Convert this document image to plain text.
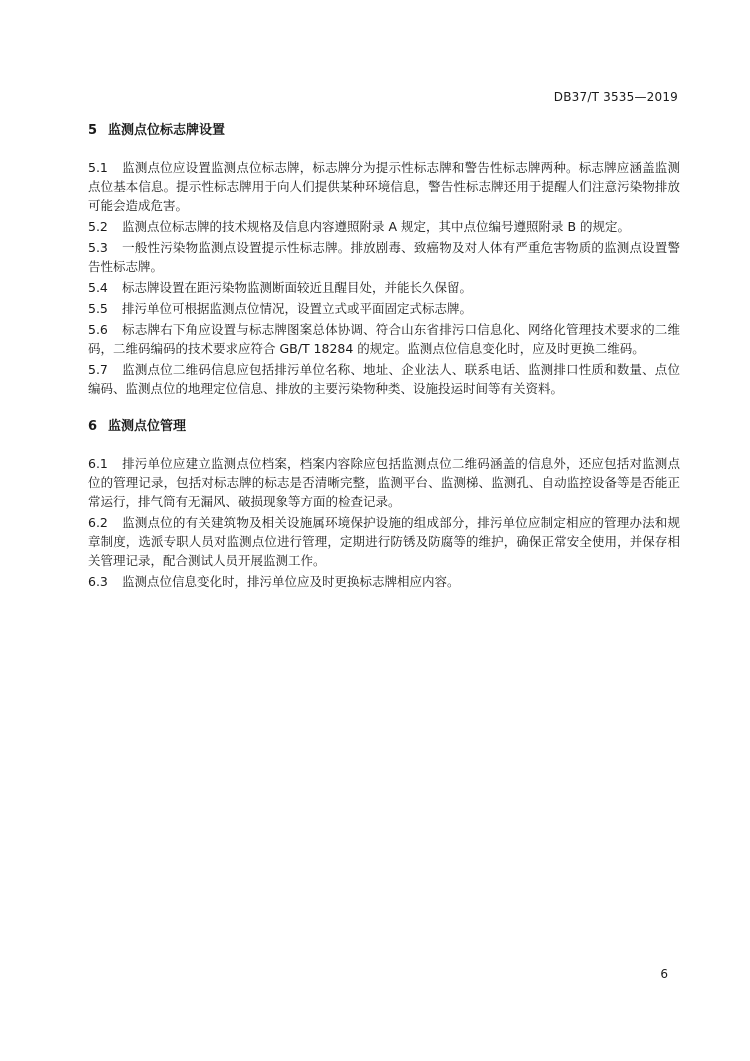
DB37/T 3535—2019
5 监测点位标志牌设置

5.1 监测点位应设置监测点位标志牌，标志牌分为提示性标志牌和警告性标志牌两种。标志牌应涵盖监测点位基本信息。提示性标志牌用于向人们提供某种环境信息，警告性标志牌还用于提醒人们注意污染物排放可能会造成危害。

5.2 监测点位标志牌的技术规格及信息内容遵照附录 A 规定，其中点位编号遵照附录 B 的规定。

5.3 一般性污染物监测点设置提示性标志牌。排放剧毒、致癌物及对人体有严重危害物质的监测点设置警告性标志牌。

5.4 标志牌设置在距污染物监测断面较近且醒目处，并能长久保留。

5.5 排污单位可根据监测点位情况，设置立式或平面固定式标志牌。

5.6 标志牌右下角应设置与标志牌图案总体协调、符合山东省排污口信息化、网络化管理技术要求的二维码，二维码编码的技术要求应符合 GB/T 18284 的规定。监测点位信息变化时，应及时更换二维码。

5.7 监测点位二维码信息应包括排污单位名称、地址、企业法人、联系电话、监测排口性质和数量、点位编码、监测点位的地理定位信息、排放的主要污染物种类、设施投运时间等有关资料。

6 监测点位管理

6.1 排污单位应建立监测点位档案，档案内容除应包括监测点位二维码涵盖的信息外，还应包括对监测点位的管理记录，包括对标志牌的标志是否清晰完整，监测平台、监测梯、监测孔、自动监控设备等是否能正常运行，排气筒有无漏风、破损现象等方面的检查记录。

6.2 监测点位的有关建筑物及相关设施属环境保护设施的组成部分，排污单位应制定相应的管理办法和规章制度，选派专职人员对监测点位进行管理，定期进行防锈及防腐等的维护，确保正常安全使用，并保存相关管理记录，配合测试人员开展监测工作。

6.3 监测点位信息变化时，排污单位应及时更换标志牌相应内容。

6
